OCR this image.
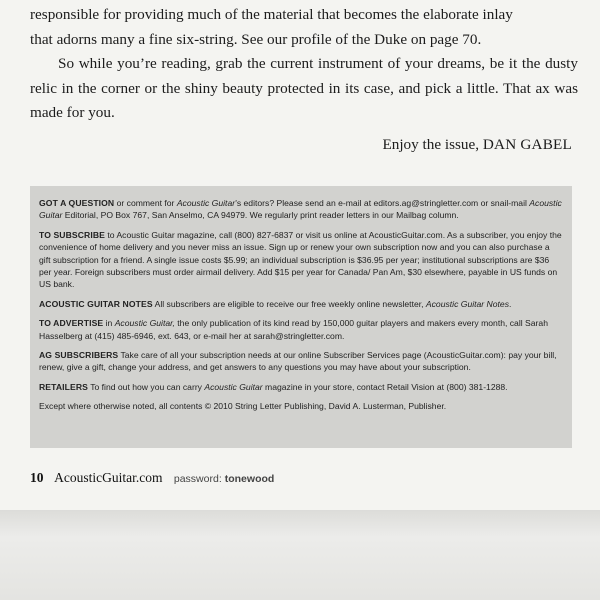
responsible for providing much of the material that becomes the elaborate inlay

that adorns many a fine six-string. See our profile of the Duke on page 70.

So while you’re reading, grab the current instrument of your dreams, be it the dusty relic in the corner or the shiny beauty protected in its case, and pick a little. That ax was made for you.

Enjoy the issue, DAN GABEL

GOT A QUESTION or comment for Acoustic Guitar’s editors? Please send an e-mail at editors.ag@stringletter.com or snail-mail Acoustic Guitar Editorial, PO Box 767, San Anselmo, CA 94979. We regularly print reader letters in our Mailbag column.

TO SUBSCRIBE to Acoustic Guitar magazine, call (800) 827-6837 or visit us online at AcousticGuitar.com. As a subscriber, you enjoy the convenience of home delivery and you never miss an issue. Sign up or renew your own subscription now and you can also purchase a gift subscription for a friend. A single issue costs $5.99; an individual subscription is $36.95 per year; institutional subscriptions are $36 per year. Foreign subscribers must order airmail delivery. Add $15 per year for Canada/ Pan Am, $30 elsewhere, payable in US funds on US bank.

ACOUSTIC GUITAR NOTES All subscribers are eligible to receive our free weekly online newsletter, Acoustic Guitar Notes.

TO ADVERTISE in Acoustic Guitar, the only publication of its kind read by 150,000 guitar players and makers every month, call Sarah Hasselberg at (415) 485-6946, ext. 643, or e-mail her at sarah@stringletter.com.

AG SUBSCRIBERS Take care of all your subscription needs at our online Subscriber Services page (AcousticGuitar.com): pay your bill, renew, give a gift, change your address, and get answers to any questions you may have about your subscription.

RETAILERS To find out how you can carry Acoustic Guitar magazine in your store, contact Retail Vision at (800) 381-1288.

Except where otherwise noted, all contents © 2010 String Letter Publishing, David A. Lusterman, Publisher.

10 AcousticGuitar.com password: tonewood
